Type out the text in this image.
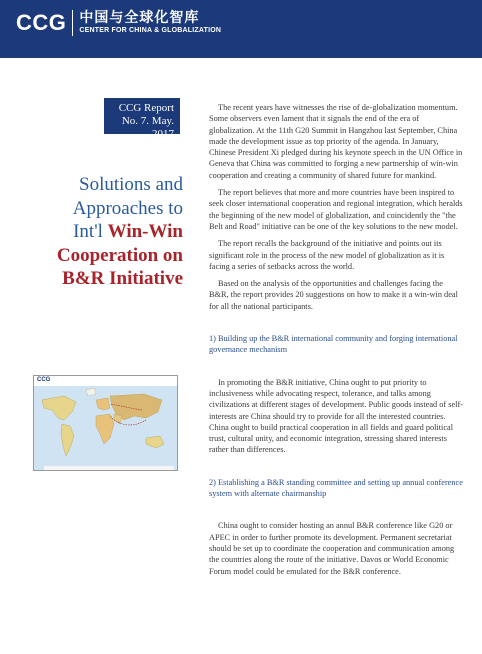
CCG 中国与全球化智库
CENTER FOR CHINA & GLOBALIZATION
CCG Report
No. 7. May. 2017
Solutions and
Approaches to
Int'l Win-Win
Cooperation on
B&R Initiative
CCG

The recent years have witnesses the rise of de-globalization momentum. Some observers even lament that it signals the end of the era of globalization. At the 11th G20 Summit in Hangzhou last September, China made the development issue as top priority of the agenda. In January, Chinese President Xi pledged during his keynote speech in the UN Office in Geneva that China was committed to forging a new partnership of win-win cooperation and creating a community of shared future for mankind.

The report believes that more and more countries have been inspired to seek closer international cooperation and regional integration, which heralds the beginning of the new model of globalization, and coincidently the "the Belt and Road" initiative can be one of the key solutions to the new model.

The report recalls the background of the initiative and points out its significant role in the process of the new model of globalization as it is facing a series of setbacks across the world.

Based on the analysis of the opportunities and challenges facing the B&R, the report provides 20 suggestions on how to make it a win-win deal for all the national participants.

1) Building up the B&R international community and forging international governance mechanism

In promoting the B&R initiative, China ought to put priority to inclusiveness while advocating respect, tolerance, and talks among civilizations at different stages of development. Public goods instead of self-interests are China should try to provide for all the interested countries. China ought to build practical cooperation in all fields and guard political trust, cultural unity, and economic integration, stressing shared interests rather than differences.

2) Establishing a B&R standing committee and setting up annual conference system with alternate chairmanship

China ought to consider hosting an annul B&R conference like G20 or APEC in order to further promote its development. Permanent secretariat should be set up to coordinate the cooperation and communication among the countries along the route of the initiative. Davos or World Economic Forum model could be emulated for the B&R conference.
